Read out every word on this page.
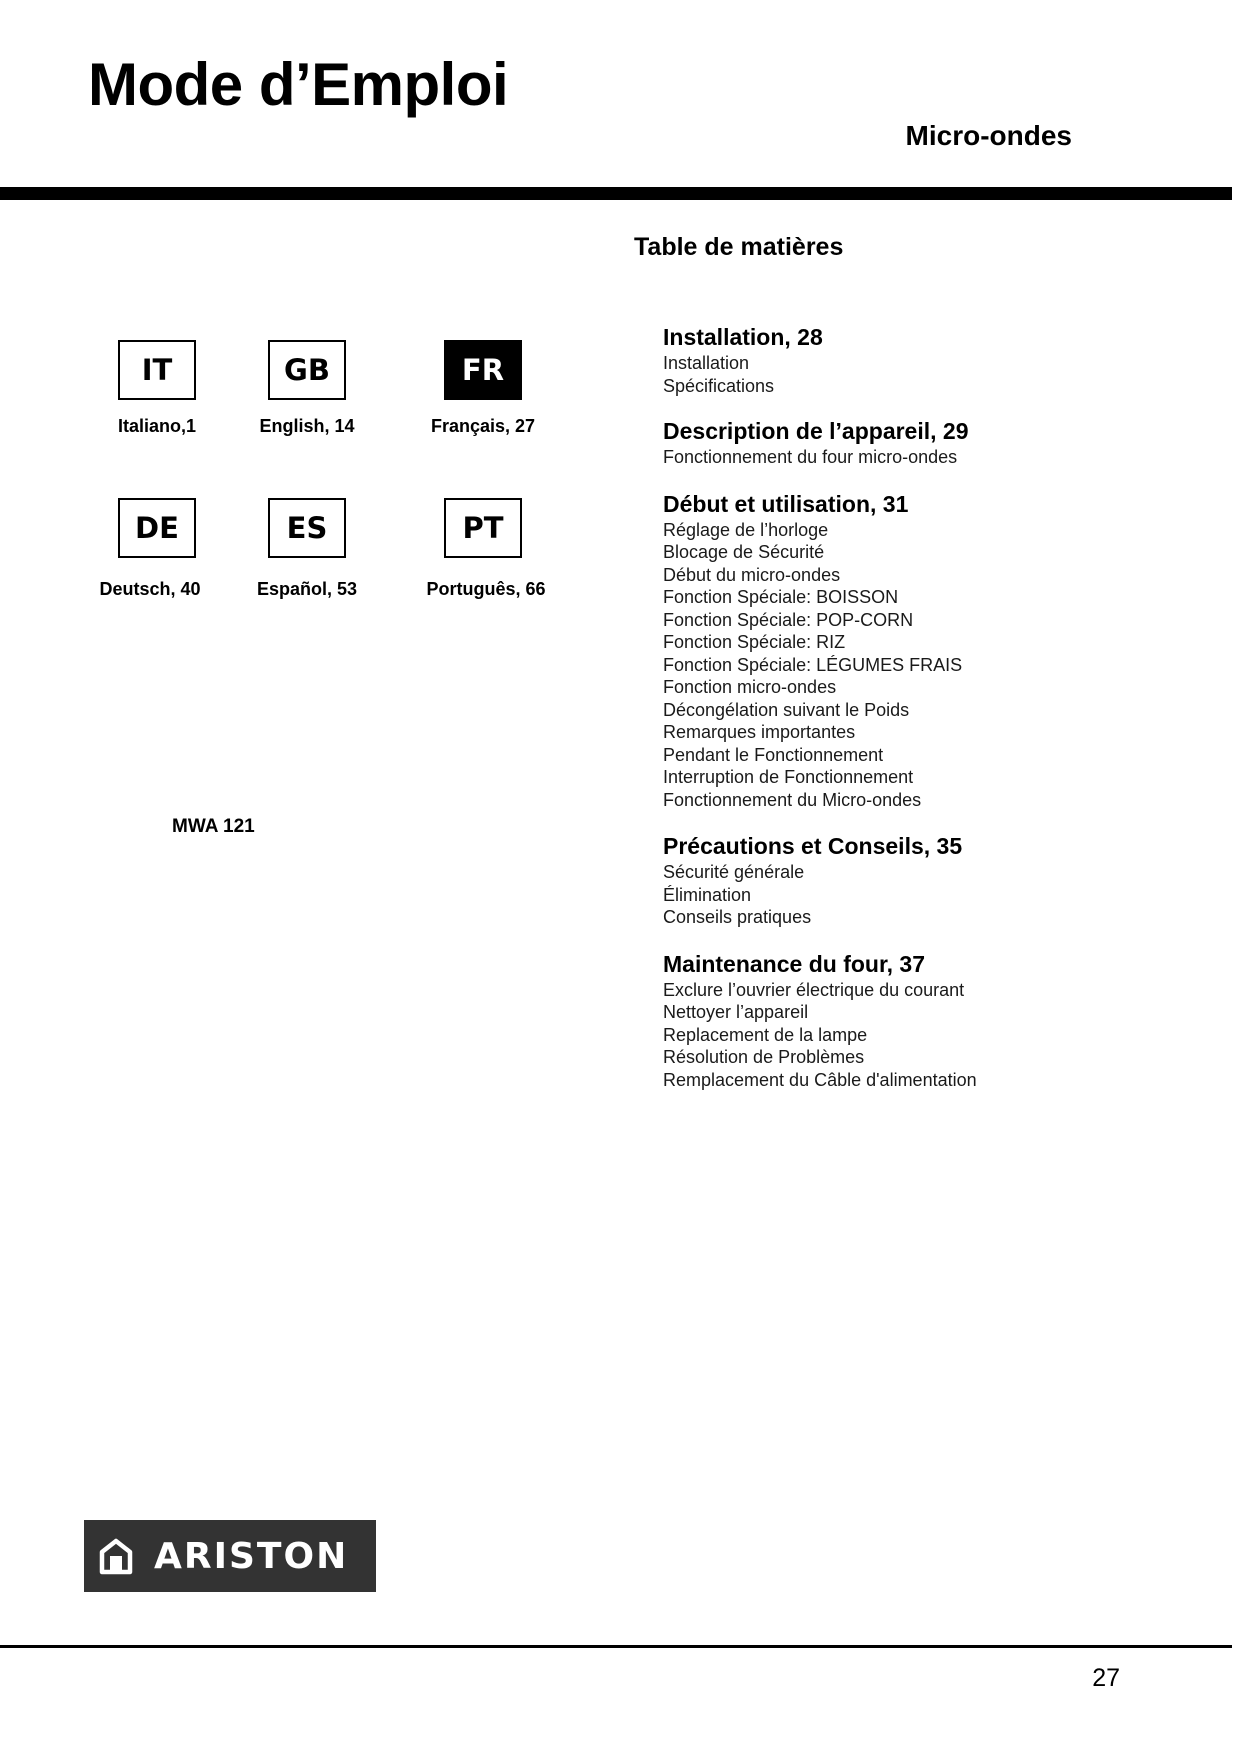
Mode d’Emploi
Micro-ondes
Table de matières
IT	GB	FR
Italiano,1	English, 14	Français, 27
DE	ES	PT
Deutsch, 40	Español, 53	Português, 66
MWA 121
Installation, 28
Installation
Spécifications
Description de l’appareil, 29
Fonctionnement du four micro-ondes
Début et utilisation, 31
Réglage de l’horloge
Blocage de Sécurité
Début du micro-ondes
Fonction Spéciale: BOISSON
Fonction Spéciale: POP-CORN
Fonction Spéciale: RIZ
Fonction Spéciale: LÉGUMES FRAIS
Fonction micro-ondes
Décongélation suivant le Poids
Remarques importantes
Pendant le Fonctionnement
Interruption de Fonctionnement
Fonctionnement du Micro-ondes
Précautions et Conseils, 35
Sécurité générale
Élimination
Conseils pratiques
Maintenance du four, 37
Exclure l’ouvrier électrique du courant
Nettoyer l’appareil
Replacement de la lampe
Résolution de Problèmes
Remplacement du Câble d'alimentation
ARISTON
27
